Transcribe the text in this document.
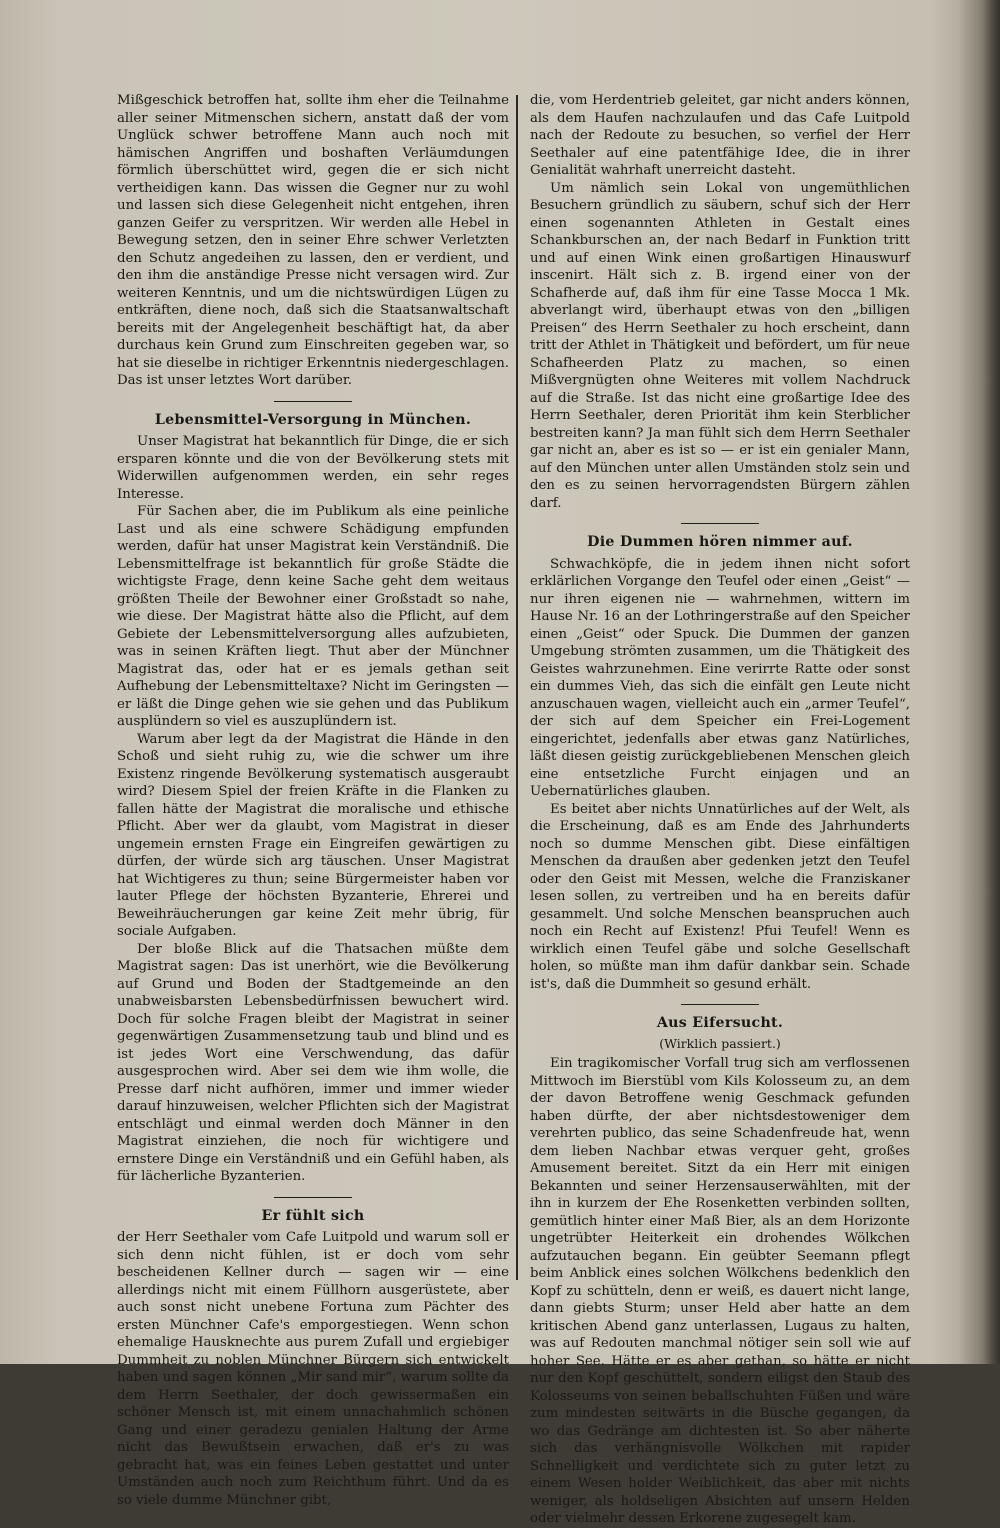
Mißgeschick betroffen hat, sollte ihm eher die Teilnahme aller seiner Mitmenschen sichern, anstatt daß der vom Unglück schwer betroffene Mann auch noch mit hämischen Angriffen und boshaften Verläumdungen förmlich überschüttet wird, gegen die er sich nicht vertheidigen kann. Das wissen die Gegner nur zu wohl und lassen sich diese Gelegenheit nicht entgehen, ihren ganzen Geifer zu verspritzen. Wir werden alle Hebel in Bewegung setzen, den in seiner Ehre schwer Verletzten den Schutz angedeihen zu lassen, den er verdient, und den ihm die anständige Presse nicht versagen wird. Zur weiteren Kenntnis, und um die nichtswürdigen Lügen zu entkräften, diene noch, daß sich die Staatsanwaltschaft bereits mit der Angelegenheit beschäftigt hat, da aber durchaus kein Grund zum Einschreiten gegeben war, so hat sie dieselbe in richtiger Erkenntnis niedergeschlagen. Das ist unser letztes Wort darüber.

Lebensmittel-Versorgung in München.

Unser Magistrat hat bekanntlich für Dinge, die er sich ersparen könnte und die von der Bevölkerung stets mit Widerwillen aufgenommen werden, ein sehr reges Interesse.

Für Sachen aber, die im Publikum als eine peinliche Last und als eine schwere Schädigung empfunden werden, dafür hat unser Magistrat kein Verständniß. Die Lebensmittelfrage ist bekanntlich für große Städte die wichtigste Frage, denn keine Sache geht dem weitaus größten Theile der Bewohner einer Großstadt so nahe, wie diese. Der Magistrat hätte also die Pflicht, auf dem Gebiete der Lebensmittelversorgung alles aufzubieten, was in seinen Kräften liegt. Thut aber der Münchner Magistrat das, oder hat er es jemals gethan seit Aufhebung der Lebensmitteltaxe? Nicht im Geringsten — er läßt die Dinge gehen wie sie gehen und das Publikum ausplündern so viel es auszuplündern ist.

Warum aber legt da der Magistrat die Hände in den Schoß und sieht ruhig zu, wie die schwer um ihre Existenz ringende Bevölkerung systematisch ausgeraubt wird? Diesem Spiel der freien Kräfte in die Flanken zu fallen hätte der Magistrat die moralische und ethische Pflicht. Aber wer da glaubt, vom Magistrat in dieser ungemein ernsten Frage ein Eingreifen gewärtigen zu dürfen, der würde sich arg täuschen. Unser Magistrat hat Wichtigeres zu thun; seine Bürgermeister haben vor lauter Pflege der höchsten Byzanterie, Ehrerei und Beweihräucherungen gar keine Zeit mehr übrig, für sociale Aufgaben.

Der bloße Blick auf die Thatsachen müßte dem Magistrat sagen: Das ist unerhört, wie die Bevölkerung auf Grund und Boden der Stadtgemeinde an den unabweisbarsten Lebensbedürfnissen bewuchert wird. Doch für solche Fragen bleibt der Magistrat in seiner gegenwärtigen Zusammensetzung taub und blind und es ist jedes Wort eine Verschwendung, das dafür ausgesprochen wird. Aber sei dem wie ihm wolle, die Presse darf nicht aufhören, immer und immer wieder darauf hinzuweisen, welcher Pflichten sich der Magistrat entschlägt und einmal werden doch Männer in den Magistrat einziehen, die noch für wichtigere und ernstere Dinge ein Verständniß und ein Gefühl haben, als für lächerliche Byzanterien.

Er fühlt sich

der Herr Seethaler vom Cafe Luitpold und warum soll er sich denn nicht fühlen, ist er doch vom sehr bescheidenen Kellner durch — sagen wir — eine allerdings nicht mit einem Füllhorn ausgerüstete, aber auch sonst nicht unebene Fortuna zum Pächter des ersten Münchner Cafe's emporgestiegen. Wenn schon ehemalige Hausknechte aus purem Zufall und ergiebiger Dummheit zu noblen Münchner Bürgern sich entwickelt haben und sagen können „Mir sand mir“, warum sollte da dem Herrn Seethaler, der doch gewissermaßen ein schöner Mensch ist, mit einem unnachahmlich schönen Gang und einer geradezu genialen Haltung der Arme nicht das Bewußtsein erwachen, daß er's zu was gebracht hat, was ein feines Leben gestattet und unter Umständen auch noch zum Reichthum führt. Und da es so viele dumme Münchner gibt,

die, vom Herdentrieb geleitet, gar nicht anders können, als dem Haufen nachzulaufen und das Cafe Luitpold nach der Redoute zu besuchen, so verfiel der Herr Seethaler auf eine patentfähige Idee, die in ihrer Genialität wahrhaft unerreicht dasteht.

Um nämlich sein Lokal von ungemüthlichen Besuchern gründlich zu säubern, schuf sich der Herr einen sogenannten Athleten in Gestalt eines Schankburschen an, der nach Bedarf in Funktion tritt und auf einen Wink einen großartigen Hinauswurf inscenirt. Hält sich z. B. irgend einer von der Schafherde auf, daß ihm für eine Tasse Mocca 1 Mk. abverlangt wird, überhaupt etwas von den „billigen Preisen“ des Herrn Seethaler zu hoch erscheint, dann tritt der Athlet in Thätigkeit und befördert, um für neue Schafheerden Platz zu machen, so einen Mißvergnügten ohne Weiteres mit vollem Nachdruck auf die Straße. Ist das nicht eine großartige Idee des Herrn Seethaler, deren Priorität ihm kein Sterblicher bestreiten kann? Ja man fühlt sich dem Herrn Seethaler gar nicht an, aber es ist so — er ist ein genialer Mann, auf den München unter allen Umständen stolz sein und den es zu seinen hervorragendsten Bürgern zählen darf.

Die Dummen hören nimmer auf.

Schwachköpfe, die in jedem ihnen nicht sofort erklärlichen Vorgange den Teufel oder einen „Geist“ — nur ihren eigenen nie — wahrnehmen, wittern im Hause Nr. 16 an der Lothringerstraße auf den Speicher einen „Geist“ oder Spuck. Die Dummen der ganzen Umgebung strömten zusammen, um die Thätigkeit des Geistes wahrzunehmen. Eine verirrte Ratte oder sonst ein dummes Vieh, das sich die einfält gen Leute nicht anzuschauen wagen, vielleicht auch ein „armer Teufel“, der sich auf dem Speicher ein Frei-Logement eingerichtet, jedenfalls aber etwas ganz Natürliches, läßt diesen geistig zurückgebliebenen Menschen gleich eine entsetzliche Furcht einjagen und an Uebernatürliches glauben.

Es beitet aber nichts Unnatürliches auf der Welt, als die Erscheinung, daß es am Ende des Jahrhunderts noch so dumme Menschen gibt. Diese einfältigen Menschen da draußen aber gedenken jetzt den Teufel oder den Geist mit Messen, welche die Franziskaner lesen sollen, zu vertreiben und ha en bereits dafür gesammelt. Und solche Menschen beanspruchen auch noch ein Recht auf Existenz! Pfui Teufel! Wenn es wirklich einen Teufel gäbe und solche Gesellschaft holen, so müßte man ihm dafür dankbar sein. Schade ist's, daß die Dummheit so gesund erhält.

Aus Eifersucht.
(Wirklich passiert.)

Ein tragikomischer Vorfall trug sich am verflossenen Mittwoch im Bierstübl vom Kils Kolosseum zu, an dem der davon Betroffene wenig Geschmack gefunden haben dürfte, der aber nichtsdestoweniger dem verehrten publico, das seine Schadenfreude hat, wenn dem lieben Nachbar etwas verquer geht, großes Amusement bereitet. Sitzt da ein Herr mit einigen Bekannten und seiner Herzensauserwählten, mit der ihn in kurzem der Ehe Rosenketten verbinden sollten, gemütlich hinter einer Maß Bier, als an dem Horizonte ungetrübter Heiterkeit ein drohendes Wölkchen aufzutauchen begann. Ein geübter Seemann pflegt beim Anblick eines solchen Wölkchens bedenklich den Kopf zu schütteln, denn er weiß, es dauert nicht lange, dann giebts Sturm; unser Held aber hatte an dem kritischen Abend ganz unterlassen, Lugaus zu halten, was auf Redouten manchmal nötiger sein soll wie auf hoher See. Hätte er es aber gethan, so hätte er nicht nur den Kopf geschüttelt, sondern eiligst den Staub des Kolosseums von seinen beballschuhten Füßen und wäre zum mindesten seitwärts in die Büsche gegangen, da wo das Gedränge am dichtesten ist. So aber näherte sich das verhängnisvolle Wölkchen mit rapider Schnelligkeit und verdichtete sich zu guter letzt zu einem Wesen holder Weiblichkeit, das aber mit nichts weniger, als holdseligen Absichten auf unsern Helden oder vielmehr dessen Erkorene zugesegelt kam.
